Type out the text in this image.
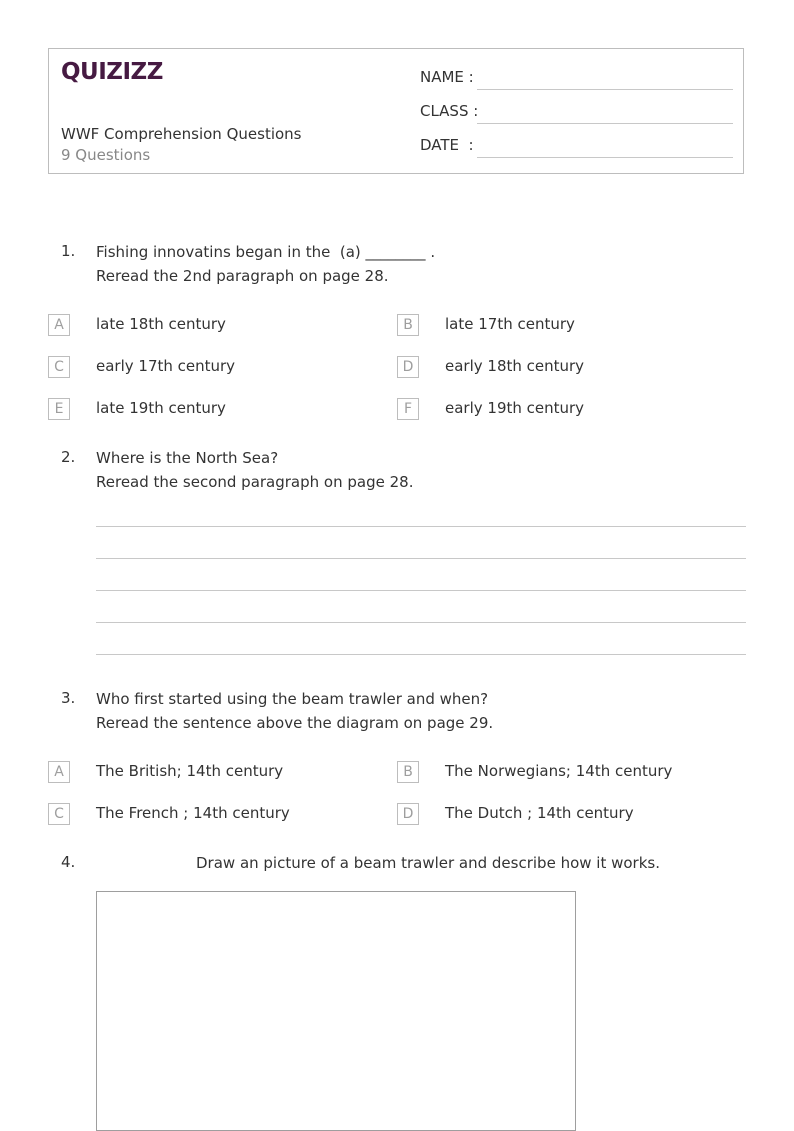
QUIZIZZ
WWF Comprehension Questions
9 Questions
NAME :
CLASS :
DATE  :
1. Fishing innovatins began in the  (a) ________ .
Reread the 2nd paragraph on page 28.
A	late 18th century	B	late 17th century
C	early 17th century	D	early 18th century
E	late 19th century	F	early 19th century
2. Where is the North Sea?
Reread the second paragraph on page 28.
3. Who first started using the beam trawler and when?
Reread the sentence above the diagram on page 29.
A	The British; 14th century	B	The Norwegians; 14th century
C	The French ; 14th century	D	The Dutch ; 14th century
4.	Draw an picture of a beam trawler and describe how it works.
